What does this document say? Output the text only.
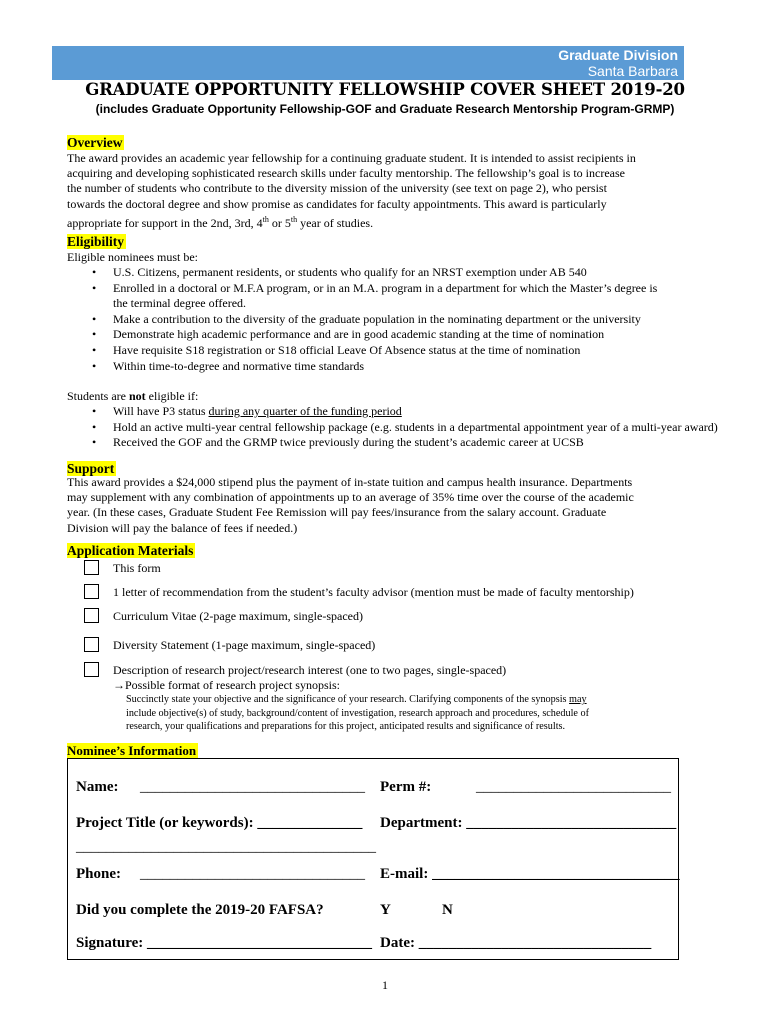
Graduate Division
Santa Barbara
GRADUATE OPPORTUNITY FELLOWSHIP COVER SHEET 2019-20
(includes Graduate Opportunity Fellowship-GOF and Graduate Research Mentorship Program-GRMP)
Overview
The award provides an academic year fellowship for a continuing graduate student. It is intended to assist recipients in
acquiring and developing sophisticated research skills under faculty mentorship. The fellowship’s goal is to increase
the number of students who contribute to the diversity mission of the university (see text on page 2), who persist
towards the doctoral degree and show promise as candidates for faculty appointments. This award is particularly
appropriate for support in the 2nd, 3rd, 4th or 5th year of studies.
Eligibility
Eligible nominees must be:
• U.S. Citizens, permanent residents, or students who qualify for an NRST exemption under AB 540
• Enrolled in a doctoral or M.F.A program, or in an M.A. program in a department for which the Master’s degree is the terminal degree offered.
• Make a contribution to the diversity of the graduate population in the nominating department or the university
• Demonstrate high academic performance and are in good academic standing at the time of nomination
• Have requisite S18 registration or S18 official Leave Of Absence status at the time of nomination
• Within time-to-degree and normative time standards
Students are not eligible if:
• Will have P3 status during any quarter of the funding period
• Hold an active multi-year central fellowship package (e.g. students in a departmental appointment year of a multi-year award)
• Received the GOF and the GRMP twice previously during the student’s academic career at UCSB
Support
This award provides a $24,000 stipend plus the payment of in-state tuition and campus health insurance. Departments
may supplement with any combination of appointments up to an average of 35% time over the course of the academic
year. (In these cases, Graduate Student Fee Remission will pay fees/insurance from the salary account. Graduate
Division will pay the balance of fees if needed.)
Application Materials
This form
1 letter of recommendation from the student’s faculty advisor (mention must be made of faculty mentorship)
Curriculum Vitae (2-page maximum, single-spaced)
Diversity Statement (1-page maximum, single-spaced)
Description of research project/research interest (one to two pages, single-spaced)
→Possible format of research project synopsis:
Succinctly state your objective and the significance of your research. Clarifying components of the synopsis may
include objective(s) of study, background/content of investigation, research approach and procedures, schedule of
research, your qualifications and preparations for this project, anticipated results and significance of results.
Nominee’s Information
Name: ______________________________ Perm #:	__________________________
Project Title (or keywords): ______________ Department: ____________________________
________________________________________
Phone: ______________________________ E-mail: _________________________________
Did you complete the 2019-20 FAFSA?	Y	N
Signature: ______________________________ Date: _______________________________
1
